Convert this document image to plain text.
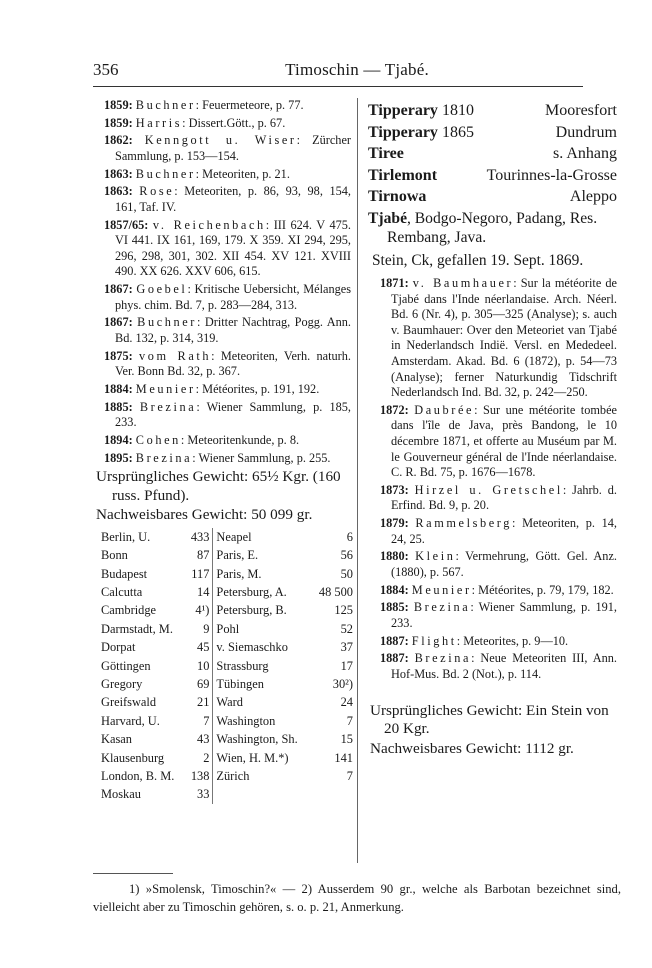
356	Timoschin — Tjabé.
1859: Buchner: Feuermeteore, p. 77.
1859: Harris: Dissert.Gött., p. 67.
1862: Kenngott u. Wiser: Zürcher Sammlung, p. 153—154.
1863: Buchner: Meteoriten, p. 21.
1863: Rose: Meteoriten, p. 86, 93, 98, 154, 161, Taf. IV.
1857/65: v. Reichenbach: III 624. V 475. VI 441. IX 161, 169, 179. X 359. XI 294, 295, 296, 298, 301, 302. XII 454. XV 121. XVIII 490. XX 626. XXV 606, 615.
1867: Goebel: Kritische Uebersicht, Mélanges phys. chim. Bd. 7, p. 283—284, 313.
1867: Buchner: Dritter Nachtrag, Pogg. Ann. Bd. 132, p. 314, 319.
1875: vom Rath: Meteoriten, Verh. naturh. Ver. Bonn Bd. 32, p. 367.
1884: Meunier: Météorites, p. 191, 192.
1885: Brezina: Wiener Sammlung, p. 185, 233.
1894: Cohen: Meteoritenkunde, p. 8.
1895: Brezina: Wiener Sammlung, p. 255.
Ursprüngliches Gewicht: 65½ Kgr. (160 russ. Pfund).
Nachweisbares Gewicht: 50 099 gr.
Berlin, U.	433	Neapel	6
Bonn	87	Paris, E.	56
Budapest	117	Paris, M.	50
Calcutta	14	Petersburg, A.	48 500
Cambridge	4¹)	Petersburg, B.	125
Darmstadt, M.	9	Pohl	52
Dorpat	45	v. Siemaschko	37
Göttingen	10	Strassburg	17
Gregory	69	Tübingen	30²)
Greifswald	21	Ward	24
Harvard, U.	7	Washington	7
Kasan	43	Washington, Sh.	15
Klausenburg	2	Wien, H. M.*)	141
London, B. M.	138	Zürich	7
Moskau	33		
Tipperary 1810	Mooresfort
Tipperary 1865	Dundrum
Tiree	s. Anhang
Tirlemont	Tourinnes-la-Grosse
Tirnowa	Aleppo
Tjabé, Bodgo-Negoro, Padang, Res. Rembang, Java.
Stein, Ck, gefallen 19. Sept. 1869.
1871: v. Baumhauer: Sur la météorite de Tjabé dans l'Inde néerlandaise. Arch. Néerl. Bd. 6 (Nr. 4), p. 305—325 (Analyse); s. auch v. Baumhauer: Over den Meteoriet van Tjabé in Nederlandsch Indië. Versl. en Mededeel. Amsterdam. Akad. Bd. 6 (1872), p. 54—73 (Analyse); ferner Naturkundig Tidschrift Nederlandsch Ind. Bd. 32, p. 242—250.
1872: Daubrée: Sur une météorite tombée dans l'île de Java, près Bandong, le 10 décembre 1871, et offerte au Muséum par M. le Gouverneur général de l'Inde néerlandaise. C. R. Bd. 75, p. 1676—1678.
1873: Hirzel u. Gretschel: Jahrb. d. Erfind. Bd. 9, p. 20.
1879: Rammelsberg: Meteoriten, p. 14, 24, 25.
1880: Klein: Vermehrung, Gött. Gel. Anz. (1880), p. 567.
1884: Meunier: Météorites, p. 79, 179, 182.
1885: Brezina: Wiener Sammlung, p. 191, 233.
1887: Flight: Meteorites, p. 9—10.
1887: Brezina: Neue Meteoriten III, Ann. Hof-Mus. Bd. 2 (Not.), p. 114.
Ursprüngliches Gewicht: Ein Stein von 20 Kgr.
Nachweisbares Gewicht: 1112 gr.
1) »Smolensk, Timoschin?« — 2) Ausserdem 90 gr., welche als Barbotan bezeichnet sind, vielleicht aber zu Timoschin gehören, s. o. p. 21, Anmerkung.
